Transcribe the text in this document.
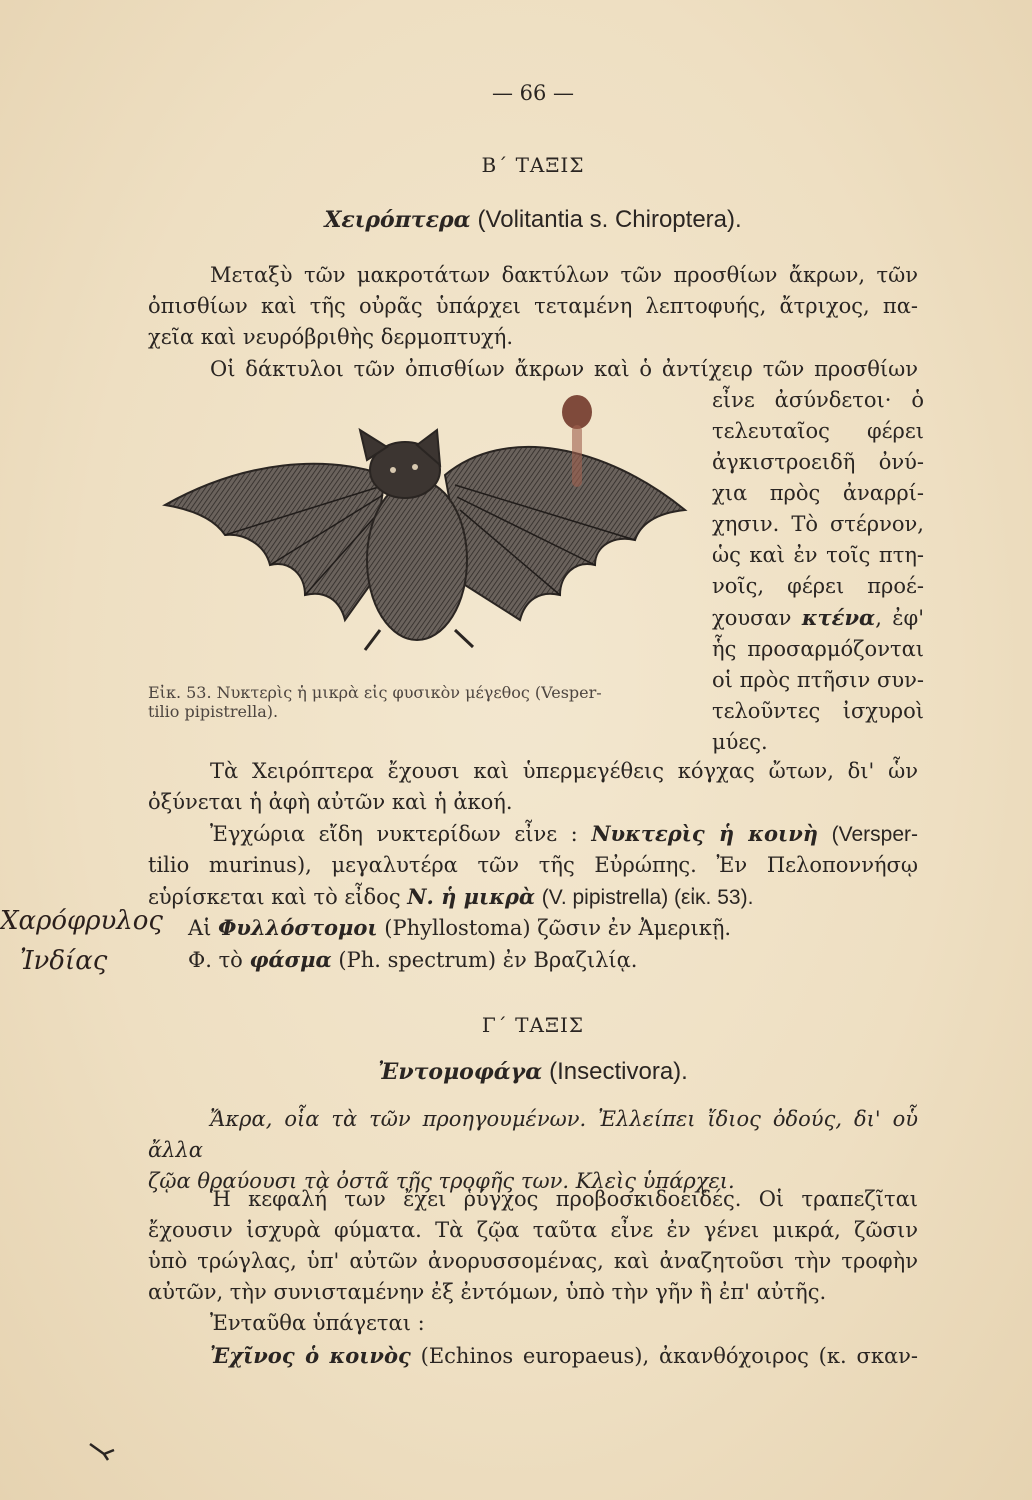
— 66 —
Β΄ ΤΑΞΙΣ
Χειρόπτερα (Volitantia s. Chiroptera).

Μεταξὺ τῶν μακροτάτων δακτύλων τῶν προσθίων ἄκρων, τῶν

ὀπισθίων καὶ τῆς οὐρᾶς ὑπάρχει τεταμένη λεπτοφυής, ἄτριχος, πα-

χεῖα καὶ νευρόβριθὴς δερμοπτυχή.

Οἱ δάκτυλοι τῶν ὀπισθίων ἄκρων καὶ ὁ ἀντίχειρ τῶν προσθίων

εἶνε ἀσύνδετοι· ὁ

τελευταῖος φέρει

ἀγκιστροειδῆ ὀνύ-

χια πρὸς ἀναρρί-

χησιν. Τὸ στέρνον,

ὡς καὶ ἐν τοῖς πτη-

νοῖς, φέρει προέ-

χουσαν κτένα, ἐφ'

ἧς προσαρμόζονται

οἱ πρὸς πτῆσιν συν-

τελοῦντες ἰσχυροὶ

μύες.

Εἰκ. 53. Νυκτερὶς ἡ μικρὰ εἰς φυσικὸν μέγεθος (Vesper-

tilio pipistrella).

Τὰ Χειρόπτερα ἔχουσι καὶ ὑπερμεγέθεις κόγχας ὤτων, δι' ὧν

ὀξύνεται ἡ ἀφὴ αὐτῶν καὶ ἡ ἀκοή.

Ἐγχώρια εἴδη νυκτερίδων εἶνε : Νυκτερὶς ἡ κοινὴ (Versper-

tilio murinus), μεγαλυτέρα τῶν τῆς Εὐρώπης. Ἐν Πελοποννήσῳ

εὑρίσκεται καὶ τὸ εἶδος Ν. ἡ μικρὰ (V. pipistrella) (εἰκ. 53).

Αἱ Φυλλόστομοι (Phyllostoma) ζῶσιν ἐν Ἀμερικῇ.

Φ. τὸ φάσμα (Ph. spectrum) ἐν Βραζιλίᾳ.

Χαρόφρυλος
Ἰνδίας
Γ΄ ΤΑΞΙΣ
Ἐντομοφάγα (Insectivora).

Ἄκρα, οἷα τὰ τῶν προηγουμένων. Ἐλλείπει ἴδιος ὀδούς, δι' οὗ ἄλλα

ζῷα θραύουσι τὰ ὀστᾶ τῆς τροφῆς των. Κλεὶς ὑπάρχει.

Ἡ κεφαλή των ἔχει ῥύγχος προβοσκιδοειδές. Οἱ τραπεζῖται

ἔχουσιν ἰσχυρὰ φύματα. Τὰ ζῷα ταῦτα εἶνε ἐν γένει μικρά, ζῶσιν

ὑπὸ τρώγλας, ὑπ' αὐτῶν ἀνορυσσομένας, καὶ ἀναζητοῦσι τὴν τροφὴν

αὐτῶν, τὴν συνισταμένην ἐξ ἐντόμων, ὑπὸ τὴν γῆν ἢ ἐπ' αὐτῆς.

Ἐνταῦθα ὑπάγεται :

Ἐχῖνος ὁ κοινὸς (Echinos europaeus), ἀκανθόχοιρος (κ. σκαν-
